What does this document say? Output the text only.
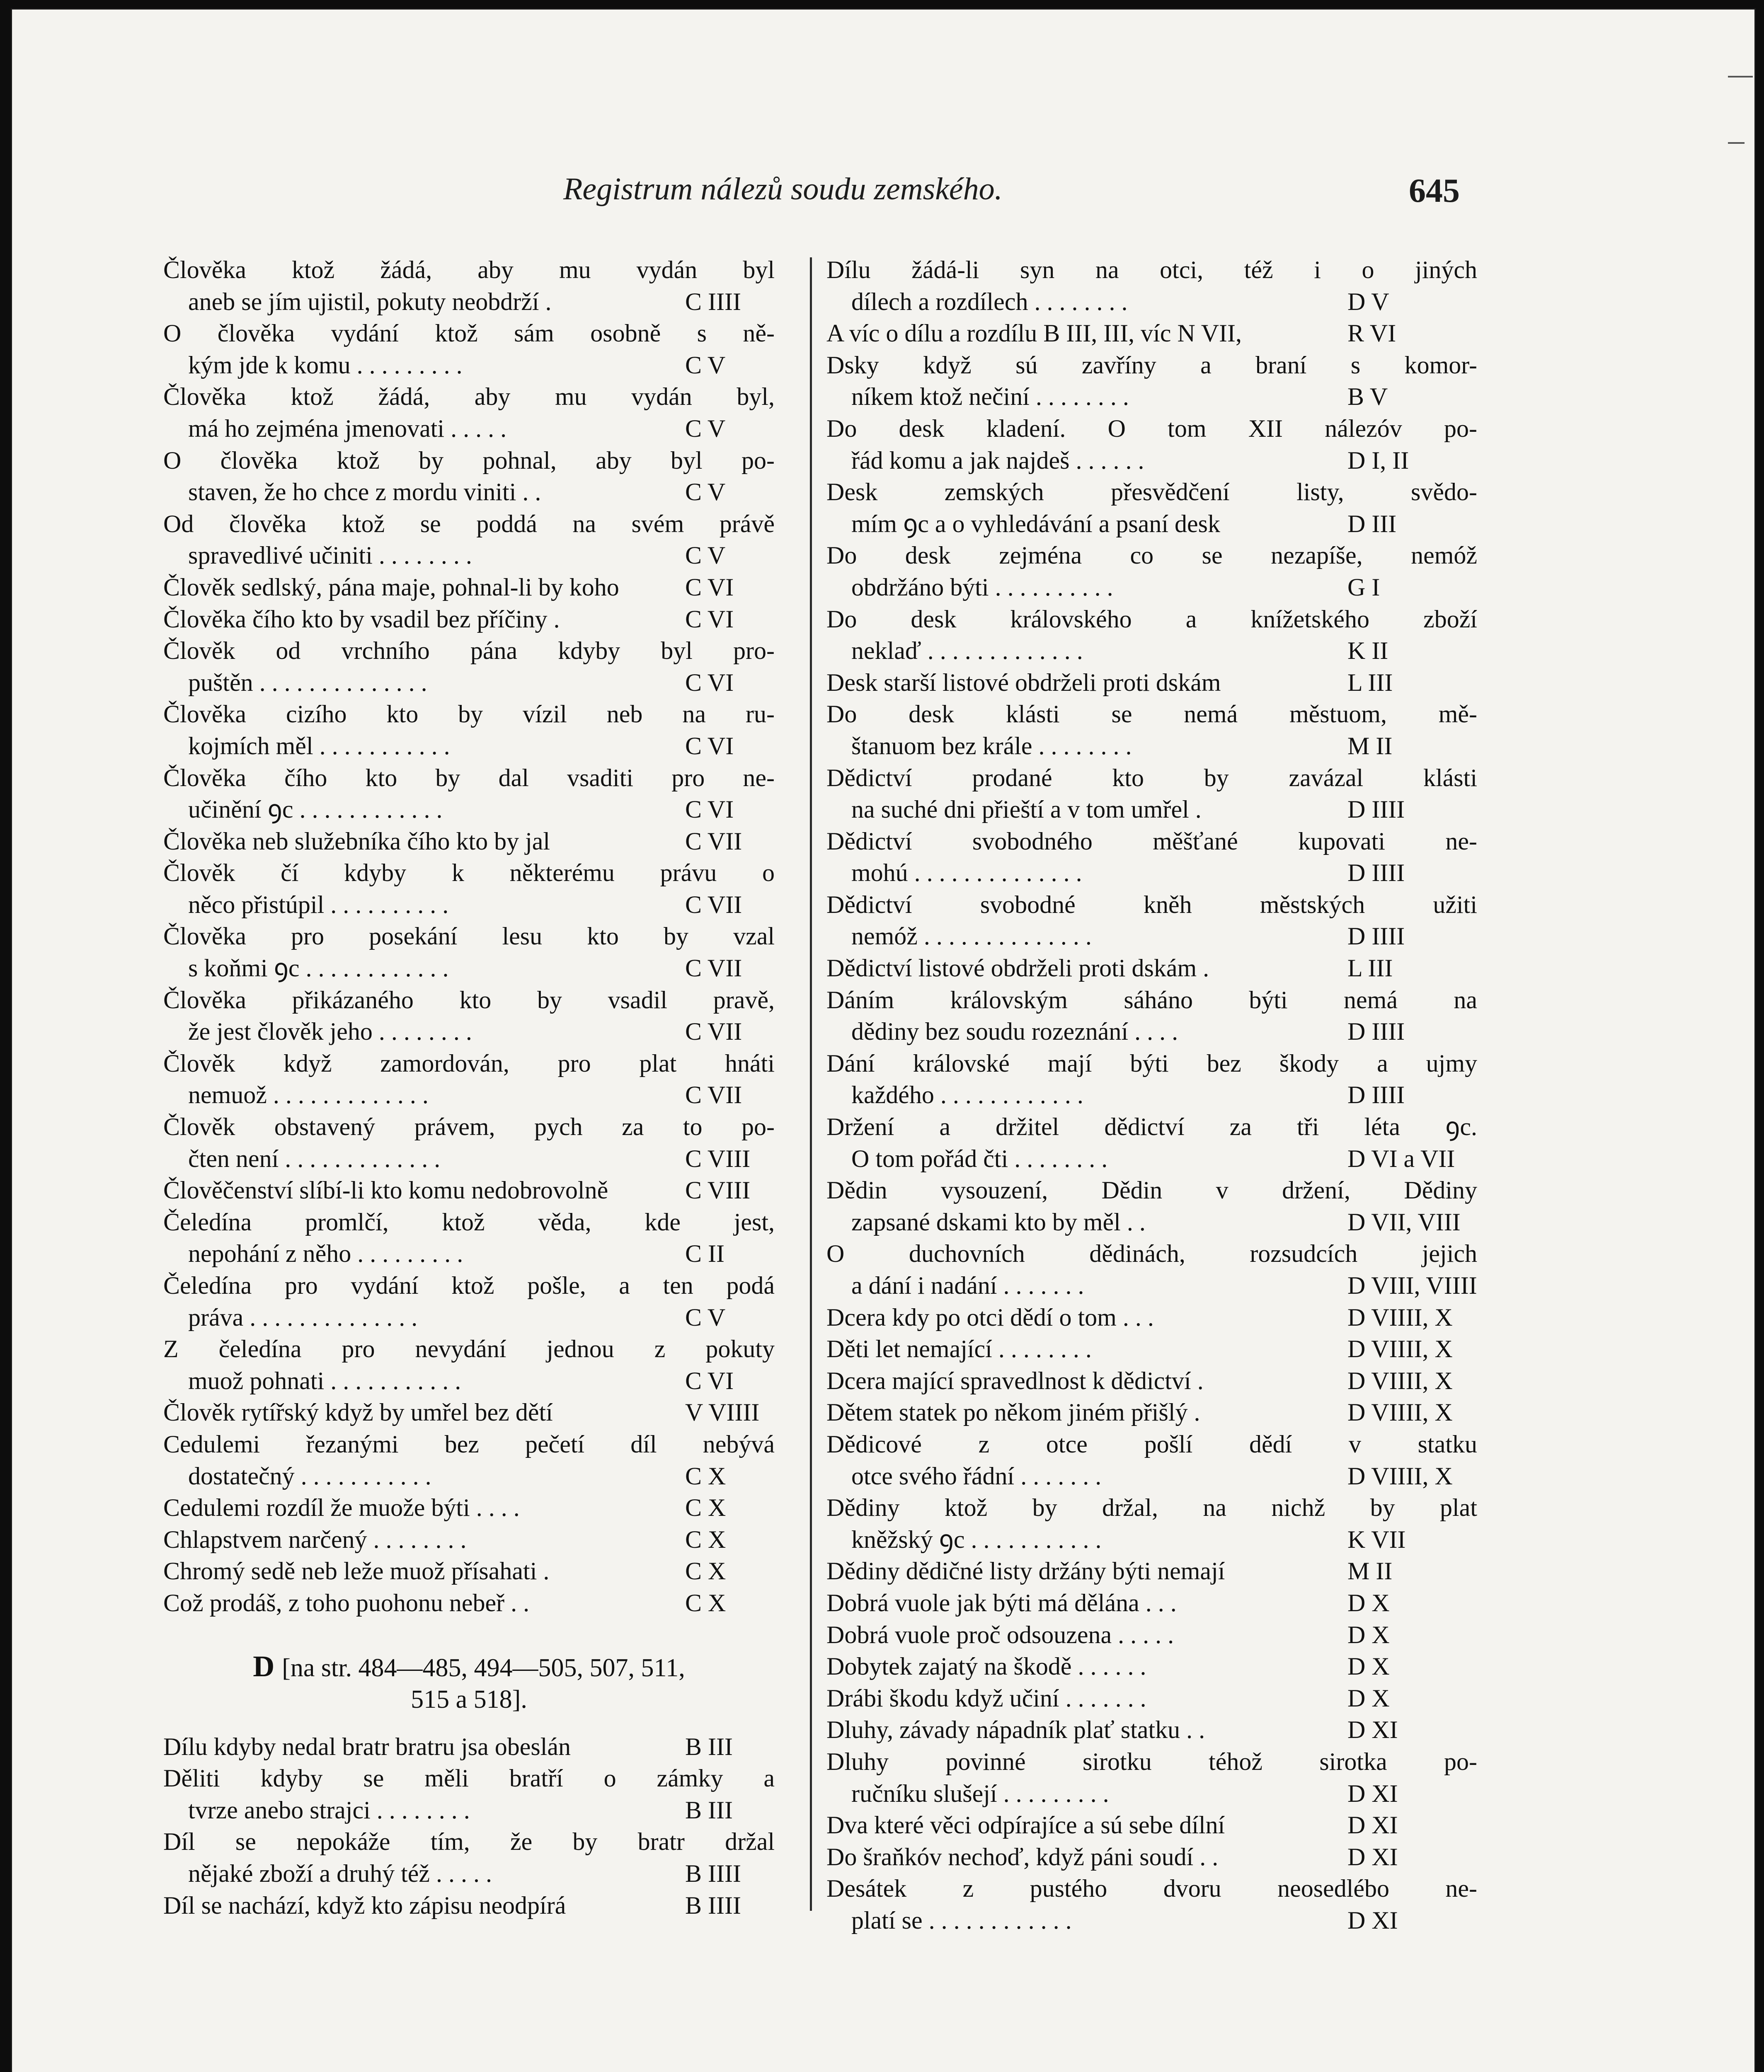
Registrum nálezů soudu zemského.	645
Člověka ktož žádá, aby mu vydán byl
aneb se jím ujistil, pokuty neobdrží .	C IIII
O člověka vydání ktož sám osobně s ně-
kým jde k komu . . . . . . . . .	C V
Člověka ktož žádá, aby mu vydán byl,
má ho zejména jmenovati . . . . .	C V
O člověka ktož by pohnal, aby byl po-
staven, že ho chce z mordu viniti . .	C V
Od člověka ktož se poddá na svém právě
spravedlivé učiniti . . . . . . . .	C V
Člověk sedlský, pána maje, pohnal-li by koho	C VI
Člověka čího kto by vsadil bez příčiny .	C VI
Člověk od vrchního pána kdyby byl pro-
puštěn . . . . . . . . . . . . . .	C VI
Člověka cizího kto by vízil neb na ru-
kojmích měl . . . . . . . . . . .	C VI
Člověka čího kto by dal vsaditi pro ne-
učinění ꝯc . . . . . . . . . . . .	C VI
Člověka neb služebníka čího kto by jal	C VII
Člověk čí kdyby k některému právu o
něco přistúpil . . . . . . . . . .	C VII
Člověka pro posekání lesu kto by vzal
s koňmi ꝯc . . . . . . . . . . . .	C VII
Člověka přikázaného kto by vsadil pravě,
že jest člověk jeho . . . . . . . .	C VII
Člověk když zamordován, pro plat hnáti
nemuož . . . . . . . . . . . . .	C VII
Člověk obstavený právem, pych za to po-
čten není . . . . . . . . . . . . .	C VIII
Člověčenství slíbí-li kto komu nedobrovolně	C VIII
Čeledína promlčí, ktož věda, kde jest,
nepohání z něho . . . . . . . . .	C II
Čeledína pro vydání ktož pošle, a ten podá
práva . . . . . . . . . . . . . .	C V
Z čeledína pro nevydání jednou z pokuty
muož pohnati . . . . . . . . . . .	C VI
Člověk rytířský když by umřel bez dětí	V VIIII
Cedulemi řezanými bez pečetí díl nebývá
dostatečný . . . . . . . . . . .	C X
Cedulemi rozdíl že muože býti . . . .	C X
Chlapstvem narčený . . . . . . . .	C X
Chromý sedě neb leže muož přísahati .	C X
Což prodáš, z toho puohonu nebeř . .	C X
D [na str. 484—485, 494—505, 507, 511,
515 a 518].
Dílu kdyby nedal bratr bratru jsa obeslán	B III
Děliti kdyby se měli bratří o zámky a
tvrze anebo strajci . . . . . . . .	B III
Díl se nepokáže tím, že by bratr držal
nějaké zboží a druhý též . . . . .	B IIII
Díl se nachází, když kto zápisu neodpírá	B IIII
Dílu žádá-li syn na otci, též i o jiných
dílech a rozdílech . . . . . . . .	D V
A víc o dílu a rozdílu B III, III, víc N VII,	R VI
Dsky když sú zavříny a braní s komor-
níkem ktož nečiní . . . . . . . .	B V
Do desk kladení. O tom XII nálezóv po-
řád komu a jak najdeš . . . . . .	D I, II
Desk zemských přesvědčení listy, svědo-
mím ꝯc a o vyhledávání a psaní desk	D III
Do desk zejména co se nezapíše, nemóž
obdržáno býti . . . . . . . . . .	G I
Do desk královského a knížetského zboží
neklaď . . . . . . . . . . . . .	K II
Desk starší listové obdrželi proti dskám	L III
Do desk klásti se nemá městuom, mě-
štanuom bez krále . . . . . . . .	M II
Dědictví prodané kto by zavázal klásti
na suché dni přieští a v tom umřel .	D IIII
Dědictví svobodného měšťané kupovati ne-
mohú . . . . . . . . . . . . . .	D IIII
Dědictví svobodné kněh městských užiti
nemóž . . . . . . . . . . . . . .	D IIII
Dědictví listové obdrželi proti dskám .	L III
Dáním královským sáháno býti nemá na
dědiny bez soudu rozeznání . . . .	D IIII
Dání královské mají býti bez škody a ujmy
každého . . . . . . . . . . . .	D IIII
Držení a držitel dědictví za tři léta ꝯc.
O tom pořád čti . . . . . . . .	D VI a VII
Dědin vysouzení, Dědin v držení, Dědiny
zapsané dskami kto by měl . .	D VII, VIII
O duchovních dědinách, rozsudcích jejich
a dání i nadání . . . . . . .	D VIII, VIIII
Dcera kdy po otci dědí o tom . . .	D VIIII, X
Děti let nemající . . . . . . . .	D VIIII, X
Dcera mající spravedlnost k dědictví .	D VIIII, X
Dětem statek po někom jiném přišlý .	D VIIII, X
Dědicové z otce pošlí dědí v statku
otce svého řádní . . . . . . .	D VIIII, X
Dědiny ktož by držal, na nichž by plat
kněžský ꝯc . . . . . . . . . . .	K VII
Dědiny dědičné listy držány býti nemají	M II
Dobrá vuole jak býti má dělána . . .	D X
Dobrá vuole proč odsouzena . . . . .	D X
Dobytek zajatý na škodě . . . . . .	D X
Drábi škodu když učiní . . . . . . .	D X
Dluhy, závady nápadník plať statku . .	D XI
Dluhy povinné sirotku téhož sirotka po-
ručníku slušejí . . . . . . . . .	D XI
Dva které věci odpírajíce a sú sebe dílní	D XI
Do šraňkóv nechoď, když páni soudí . .	D XI
Desátek z pustého dvoru neosedlébo ne-
platí se . . . . . . . . . . . .	D XI
